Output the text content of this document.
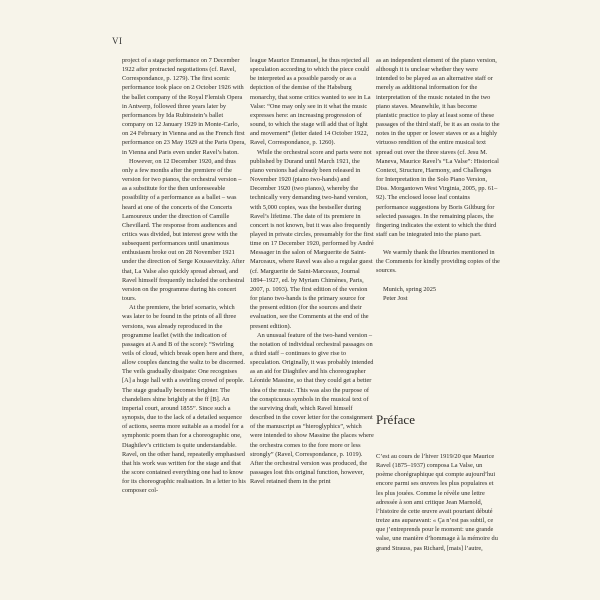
VI

project of a stage performance on 7 December 1922 after protracted negotiations (cf. Ravel, Correspondance, p. 1279). The first scenic performance took place on 2 October 1926 with the ballet company of the Royal Flemish Opera in Antwerp, followed three years later by performances by Ida Rubinstein’s ballet company on 12 January 1929 in Monte-Carlo, on 24 February in Vienna and as the French first performance on 23 May 1929 at the Paris Opera, in Vienna and Paris even under Ravel’s baton.

However, on 12 December 1920, and thus only a few months after the premiere of the version for two pianos, the orchestral version – as a substitute for the then unforeseeable possibility of a performance as a ballet – was heard at one of the concerts of the Concerts Lamoureux under the direction of Camille Chevillard. The response from audiences and critics was divided, but interest grew with the subsequent performances until unanimous enthusiasm broke out on 28 November 1921 under the direction of Serge Koussevitzky. After that, La Valse also quickly spread abroad, and Ravel himself frequently included the orchestral version on the programme during his concert tours.

At the premiere, the brief scenario, which was later to be found in the prints of all three versions, was already reproduced in the programme leaflet (with the indication of passages at A and B of the score): “Swirling veils of cloud, which break open here and there, allow couples dancing the waltz to be discerned. The veils gradually dissipate: One recognises [A] a huge hall with a swirling crowd of people. The stage gradually becomes brighter. The chandeliers shine brightly at the ff [B]. An imperial court, around 1855”. Since such a synopsis, due to the lack of a detailed sequence of actions, seems more suitable as a model for a symphonic poem than for a choreographic one, Diaghilev’s criticism is quite understandable. Ravel, on the other hand, repeatedly emphasised that his work was written for the stage and that the score contained everything one had to know for its choreographic realisation. In a letter to his composer col-

league Maurice Emmanuel, he thus rejected all speculation according to which the piece could be interpreted as a possible parody or as a depiction of the demise of the Habsburg monarchy, that some critics wanted to see in La Valse: “One may only see in it what the music expresses here: an increasing progression of sound, to which the stage will add that of light and movement” (letter dated 14 October 1922, Ravel, Correspondance, p. 1260).

While the orchestral score and parts were not published by Durand until March 1921, the piano versions had already been released in November 1920 (piano two-hands) and December 1920 (two pianos), whereby the technically very demanding two-hand version, with 5,000 copies, was the bestseller during Ravel’s lifetime. The date of its premiere in concert is not known, but it was also frequently played in private circles, presumably for the first time on 17 December 1920, performed by André Messager in the salon of Marguerite de Saint-Marceaux, where Ravel was also a regular guest (cf. Marguerite de Saint-Marceaux, Journal 1894–1927, ed. by Myriam Chimènes, Paris, 2007, p. 1093). The first edition of the version for piano two-hands is the primary source for the present edition (for the sources and their evaluation, see the Comments at the end of the present edition).

An unusual feature of the two-hand version – the notation of individual orchestral passages on a third staff – continues to give rise to speculation. Originally, it was probably intended as an aid for Diaghilev and his choreographer Léonide Massine, so that they could get a better idea of the music. This was also the purpose of the conspicuous symbols in the musical text of the surviving draft, which Ravel himself described in the cover letter for the consignment of the manuscript as “hieroglyphics”, which were intended to show Massine the places where the orchestra comes to the fore more or less strongly” (Ravel, Correspondance, p. 1019). After the orchestral version was produced, the passages lost this original function, however, Ravel retained them in the print

as an independent element of the piano version, although it is unclear whether they were intended to be played as an alternative staff or merely as additional information for the interpretation of the music notated in the two piano staves. Meanwhile, it has become pianistic practice to play at least some of these passages of the third staff, be it as an ossia to the notes in the upper or lower staves or as a highly virtuoso rendition of the entire musical text spread out over the three staves (cf. Jesu M. Maneva, Maurice Ravel’s “La Valse”: Historical Context, Structure, Harmony, and Challenges for Interpretation in the Solo Piano Version, Diss. Morgantown West Virginia, 2005, pp. 61–92). The enclosed loose leaf contains performance suggestions by Boris Giltburg for selected passages. In the remaining places, the fingering indicates the extent to which the third staff can be integrated into the piano part.

We warmly thank the libraries mentioned in the Comments for kindly providing copies of the sources.

Munich, spring 2025

Peter Jost

Préface

C’est au cours de l’hiver 1919/20 que Maurice Ravel (1875–1937) composa La Valse, un poème chorégraphique qui compte aujourd’hui encore parmi ses œuvres les plus populaires et les plus jouées. Comme le révèle une lettre adressée à son ami critique Jean Marnold, l’histoire de cette œuvre avait pourtant débuté treize ans auparavant: « Ça n’est pas subtil, ce que j’entreprends pour le moment: une grande valse, une manière d’hommage à la mémoire du grand Strauss, pas Richard, [mais] l’autre,
